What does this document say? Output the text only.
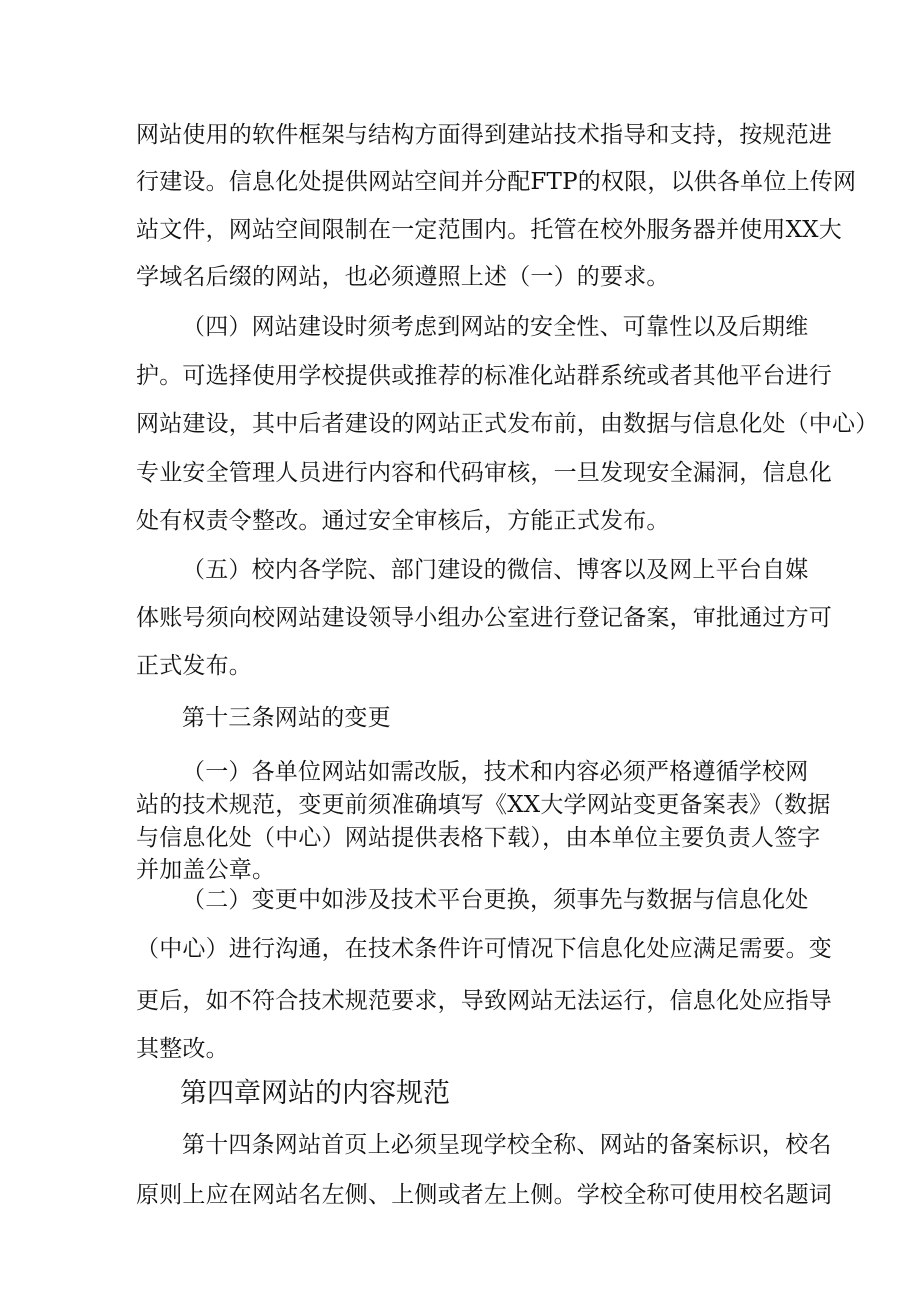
网站使用的软件框架与结构方面得到建站技术指导和支持，按规范进
行建设。信息化处提供网站空间并分配FTP的权限，以供各单位上传网
站文件，网站空间限制在一定范围内。托管在校外服务器并使用XX大
学域名后缀的网站，也必须遵照上述（一）的要求。
（四）网站建设时须考虑到网站的安全性、可靠性以及后期维
护。可选择使用学校提供或推荐的标准化站群系统或者其他平台进行
网站建设，其中后者建设的网站正式发布前，由数据与信息化处（中心）
专业安全管理人员进行内容和代码审核，一旦发现安全漏洞，信息化
处有权责令整改。通过安全审核后，方能正式发布。
（五）校内各学院、部门建设的微信、博客以及网上平台自媒
体账号须向校网站建设领导小组办公室进行登记备案，审批通过方可
正式发布。
第十三条网站的变更
（一）各单位网站如需改版，技术和内容必须严格遵循学校网
站的技术规范，变更前须准确填写《XX大学网站变更备案表》（数据
与信息化处（中心）网站提供表格下载），由本单位主要负责人签字
并加盖公章。
（二）变更中如涉及技术平台更换，须事先与数据与信息化处
（中心）进行沟通，在技术条件许可情况下信息化处应满足需要。变
更后，如不符合技术规范要求，导致网站无法运行，信息化处应指导
其整改。
第四章网站的内容规范
第十四条网站首页上必须呈现学校全称、网站的备案标识，校名
原则上应在网站名左侧、上侧或者左上侧。学校全称可使用校名题词
